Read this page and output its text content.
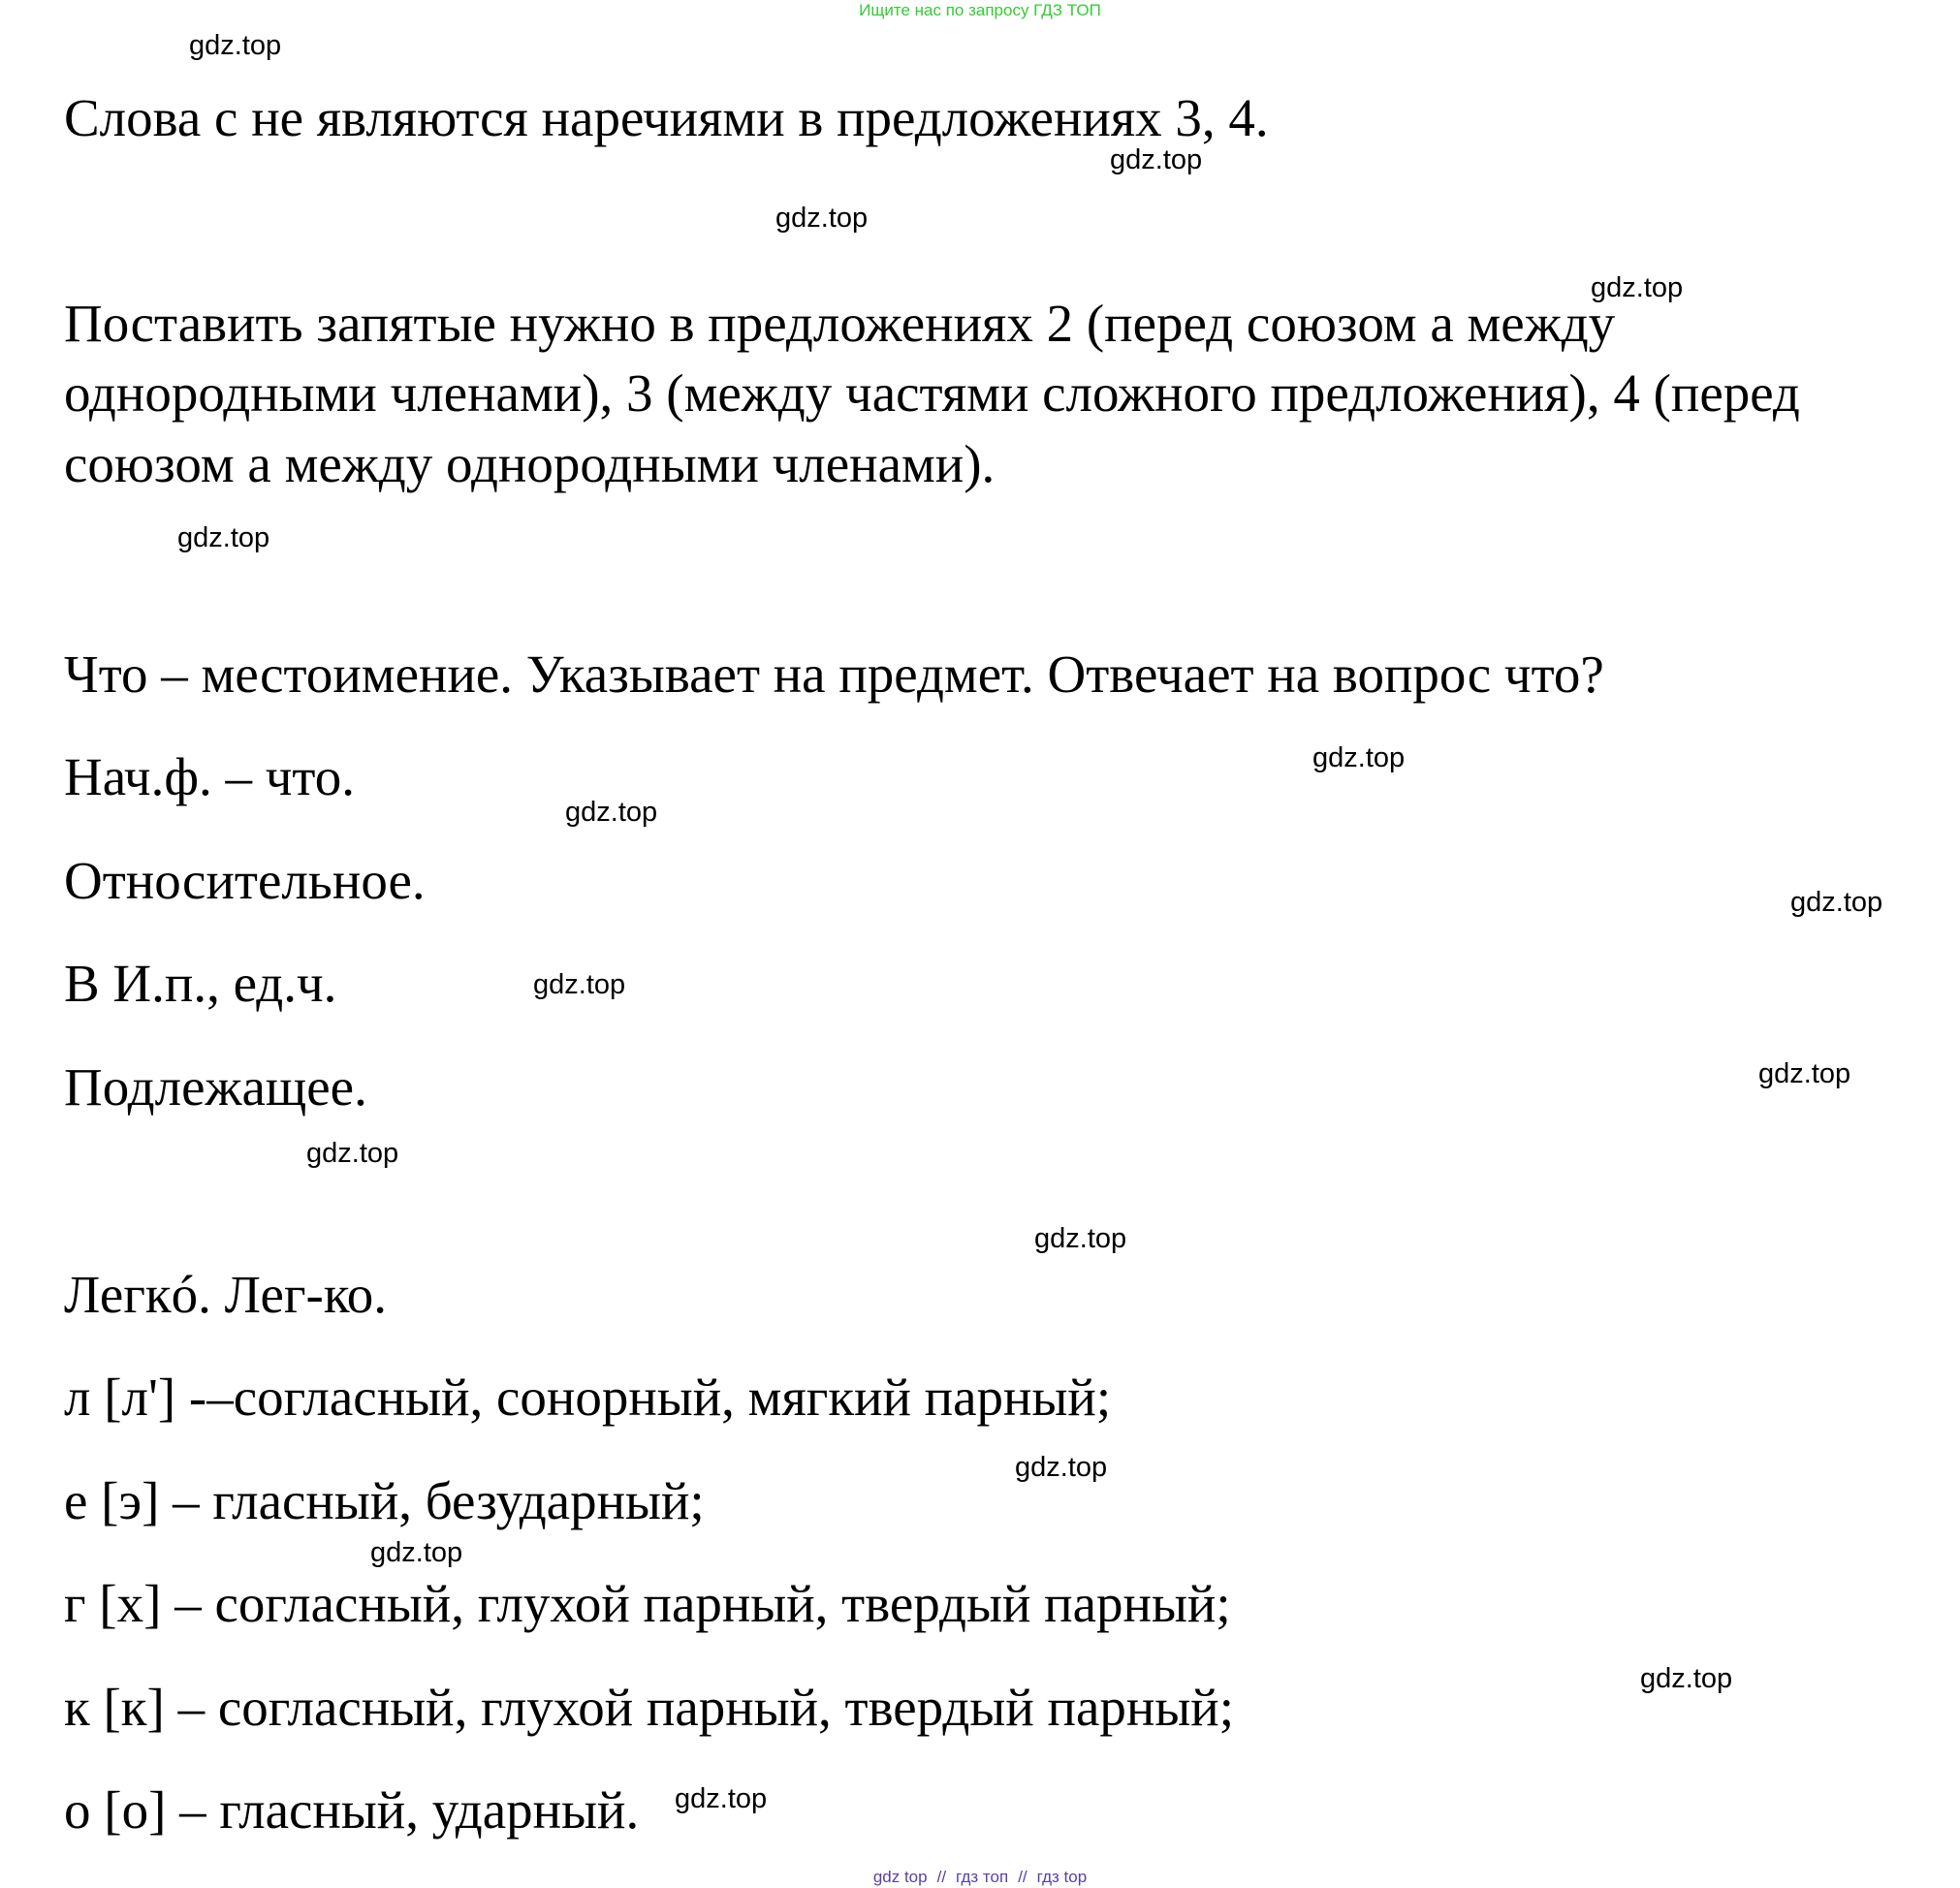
Ищите нас по запросу ГДЗ ТОП
Слова с не являются наречиями в предложениях 3, 4.
Поставить запятые нужно в предложениях 2 (перед союзом а между
однородными членами), 3 (между частями сложного предложения), 4 (перед
союзом а между однородными членами).
Что – местоимение. Указывает на предмет. Отвечает на вопрос что?
Нач.ф. – что.
Относительное.
В И.п., ед.ч.
Подлежащее.
Легкó. Лег-ко.
л [л'] -–согласный, сонорный, мягкий парный;
е [э] – гласный, безударный;
г [х] – согласный, глухой парный, твердый парный;
к [к] – согласный, глухой парный, твердый парный;
о [о] – гласный, ударный.
gdz.top
gdz.top
gdz.top
gdz.top
gdz.top
gdz.top
gdz.top
gdz.top
gdz.top
gdz.top
gdz.top
gdz.top
gdz.top
gdz.top
gdz.top
gdz.top
gdz top // гдз топ // гдз top
